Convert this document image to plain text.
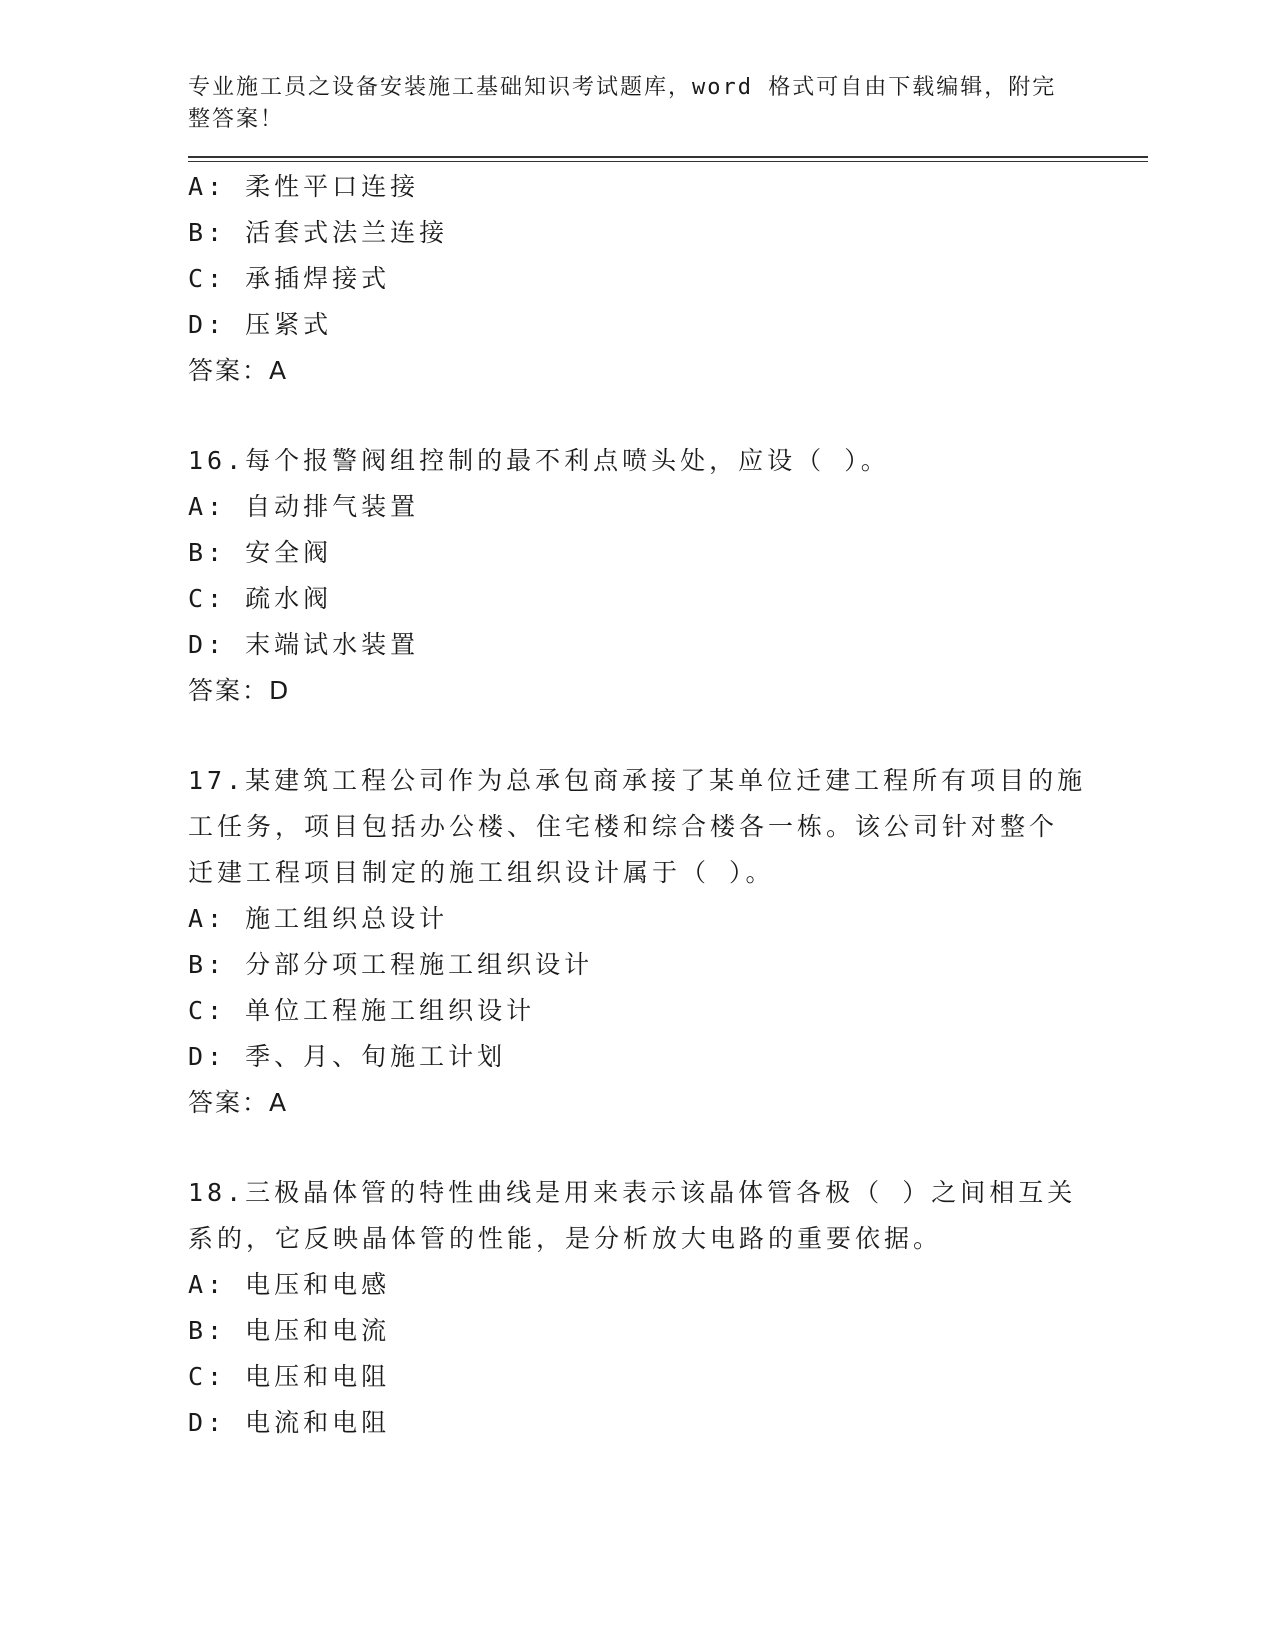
专业施工员之设备安装施工基础知识考试题库，word 格式可自由下载编辑，附完整答案！
A: 柔性平口连接
B: 活套式法兰连接
C: 承插焊接式
D: 压紧式
答案：A
16.每个报警阀组控制的最不利点喷头处，应设（ ）。
A: 自动排气装置
B: 安全阀
C: 疏水阀
D: 末端试水装置
答案：D
17.某建筑工程公司作为总承包商承接了某单位迁建工程所有项目的施
工任务，项目包括办公楼、住宅楼和综合楼各一栋。该公司针对整个
迁建工程项目制定的施工组织设计属于（ ）。
A: 施工组织总设计
B: 分部分项工程施工组织设计
C: 单位工程施工组织设计
D: 季、月、旬施工计划
答案：A
18.三极晶体管的特性曲线是用来表示该晶体管各极（ ）之间相互关
系的，它反映晶体管的性能，是分析放大电路的重要依据。
A: 电压和电感
B: 电压和电流
C: 电压和电阻
D: 电流和电阻
